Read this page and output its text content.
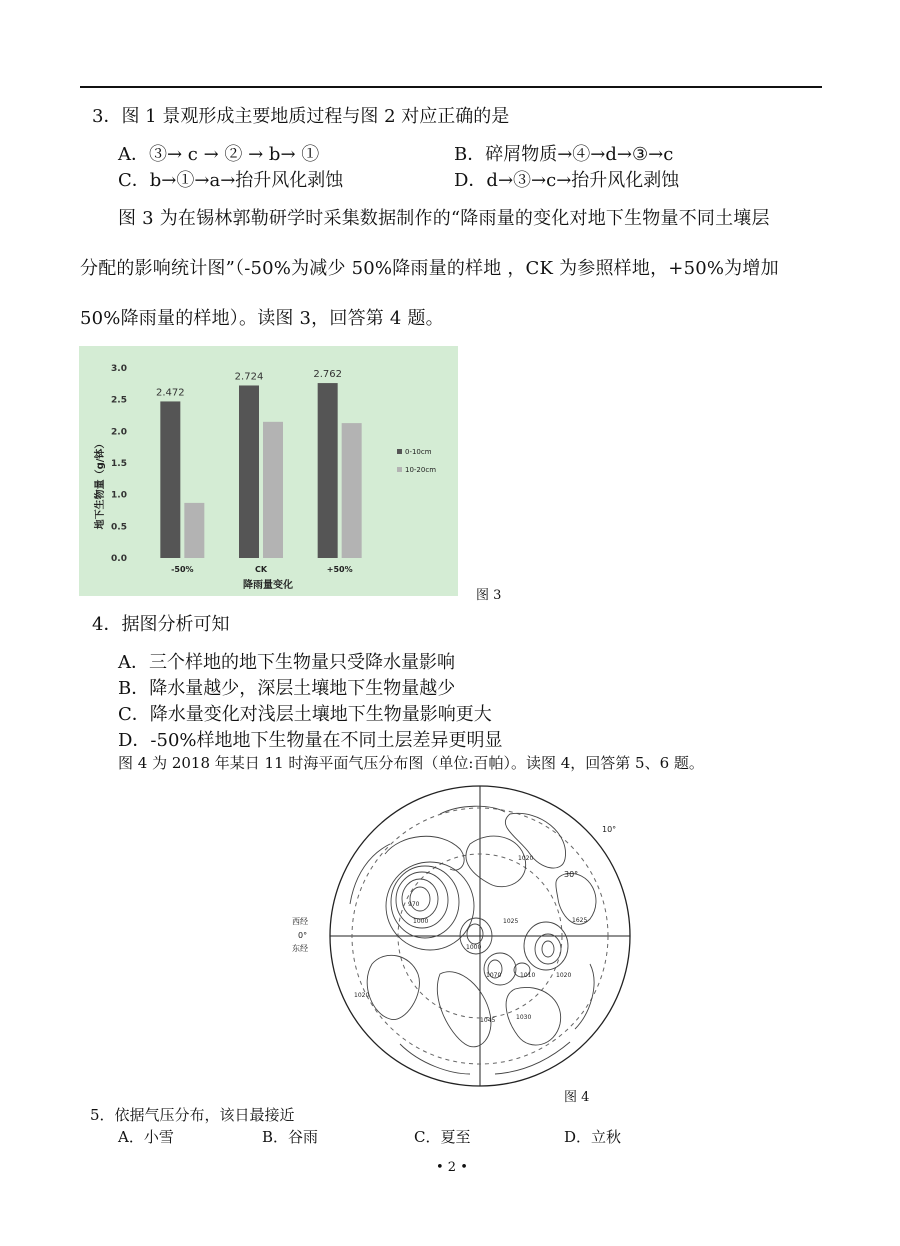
3．图 1 景观形成主要地质过程与图 2 对应正确的是
A．③→ c → ② → b→ ①	B．碎屑物质→④→d→③→c
C．b→①→a→抬升风化剥蚀	D．d→③→c→抬升风化剥蚀
图 3 为在锡林郭勒研学时采集数据制作的“降雨量的变化对地下生物量不同土壤层
分配的影响统计图”（-50%为减少 50%降雨量的样地 ，CK 为参照样地，+50%为增加
50%降雨量的样地）。读图 3，回答第 4 题。
0.0
0.5
1.0
1.5
2.0
2.5
3.0
2.472
2.724	2.762
-50%	CK	+50%
0-10cm
10-20cm
地下生物量（g/钵）
降雨量变化
图 3
4．据图分析可知
A．三个样地的地下生物量只受降水量影响
B．降水量越少，深层土壤地下生物量越少
C．降水量变化对浅层土壤地下生物量影响更大
D．-50%样地地下生物量在不同土层差异更明显
图 4 为 2018 年某日 11 时海平面气压分布图（单位:百帕）。读图 4，回答第 5、6 题。
10°
30°
西经
0°
东经
1020
970
1000	1025	1625
1000
1070	1010	1020
1020
1045	1030
图 4
5．依据气压分布，该日最接近
A．小雪	B．谷雨	C．夏至	D．立秋
• 2 •
